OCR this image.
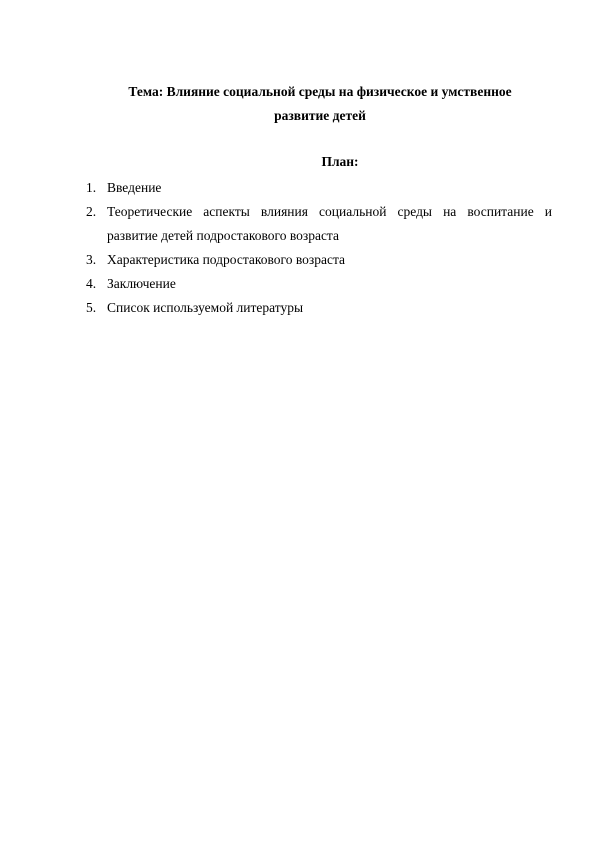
Тема: Влияние социальной среды на физическое и умственное
развитие детей
План:
1. Введение
2. Теоретические аспекты влияния социальной среды на воспитание и развитие детей подростакового возраста
3. Характеристика подростакового возраста
4. Заключение
5. Список используемой литературы
